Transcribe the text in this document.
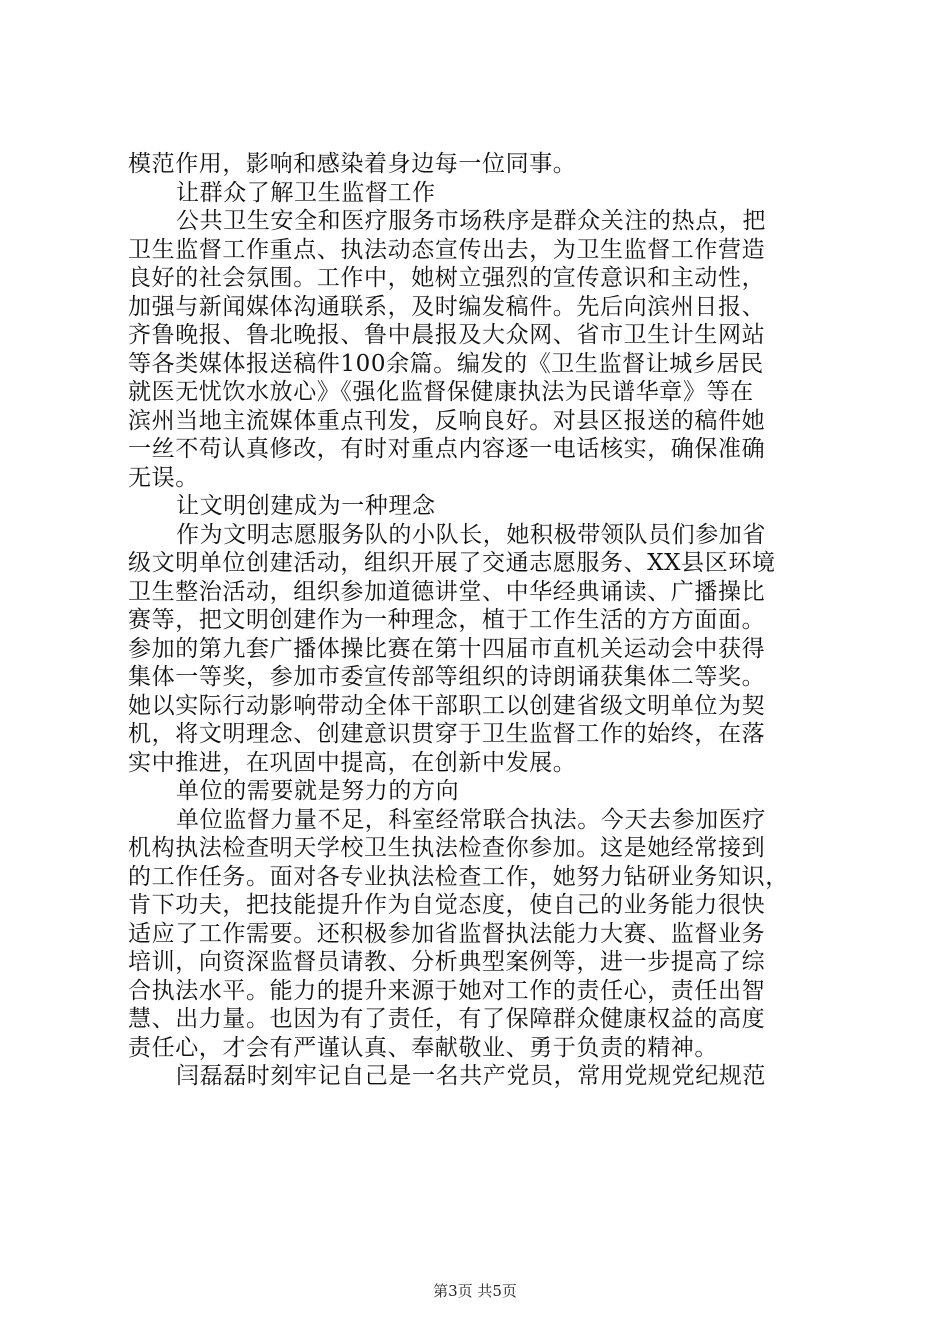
模范作用，影响和感染着身边每一位同事。
让群众了解卫生监督工作
公共卫生安全和医疗服务市场秩序是群众关注的热点，把
卫生监督工作重点、执法动态宣传出去，为卫生监督工作营造
良好的社会氛围。工作中，她树立强烈的宣传意识和主动性，
加强与新闻媒体沟通联系，及时编发稿件。先后向滨州日报、
齐鲁晚报、鲁北晚报、鲁中晨报及大众网、省市卫生计生网站
等各类媒体报送稿件100余篇。编发的《卫生监督让城乡居民
就医无忧饮水放心》《强化监督保健康执法为民谱华章》等在
滨州当地主流媒体重点刊发，反响良好。对县区报送的稿件她
一丝不苟认真修改，有时对重点内容逐一电话核实，确保准确
无误。
让文明创建成为一种理念
作为文明志愿服务队的小队长，她积极带领队员们参加省
级文明单位创建活动，组织开展了交通志愿服务、XX县区环境
卫生整治活动，组织参加道德讲堂、中华经典诵读、广播操比
赛等，把文明创建作为一种理念，植于工作生活的方方面面。
参加的第九套广播体操比赛在第十四届市直机关运动会中获得
集体一等奖，参加市委宣传部等组织的诗朗诵获集体二等奖。
她以实际行动影响带动全体干部职工以创建省级文明单位为契
机，将文明理念、创建意识贯穿于卫生监督工作的始终，在落
实中推进，在巩固中提高，在创新中发展。
单位的需要就是努力的方向
单位监督力量不足，科室经常联合执法。今天去参加医疗
机构执法检查明天学校卫生执法检查你参加。这是她经常接到
的工作任务。面对各专业执法检查工作，她努力钻研业务知识，
肯下功夫，把技能提升作为自觉态度，使自己的业务能力很快
适应了工作需要。还积极参加省监督执法能力大赛、监督业务
培训，向资深监督员请教、分析典型案例等，进一步提高了综
合执法水平。能力的提升来源于她对工作的责任心，责任出智
慧、出力量。也因为有了责任，有了保障群众健康权益的高度
责任心，才会有严谨认真、奉献敬业、勇于负责的精神。
闫磊磊时刻牢记自己是一名共产党员，常用党规党纪规范
第3页 共5页
